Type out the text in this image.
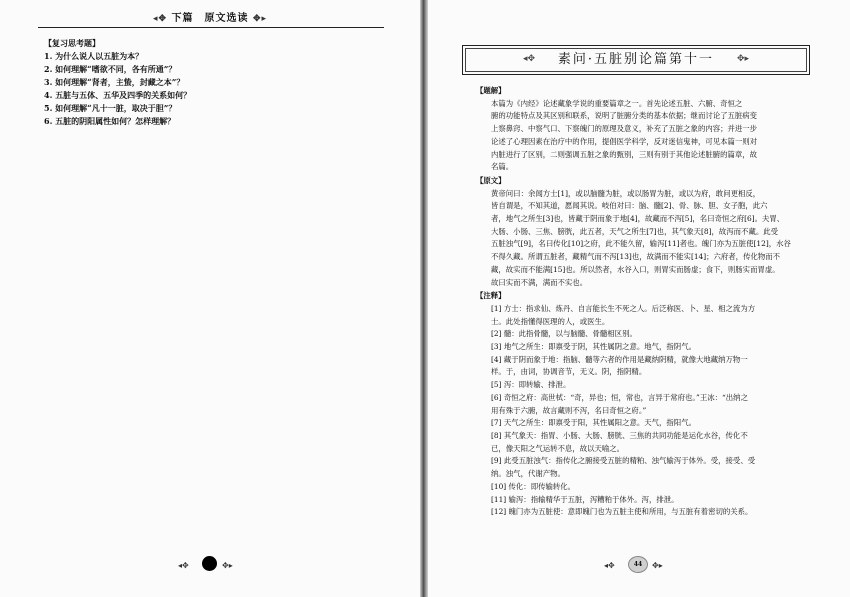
◂✥ 下篇　原文选读 ✥▸
【复习思考题】
1. 为什么说人以五脏为本？
2. 如何理解“嗜欲不同，各有所通”？
3. 如何理解“肾者，主蛰，封藏之本”？
4. 五脏与五体、五华及四季的关系如何？
5. 如何理解“凡十一脏，取决于胆”？
6. 五脏的阴阳属性如何？怎样理解？
◂✥	✥▸
◂✥	素问·五脏别论篇第十一	✥▸
【题解】

本篇为《内经》论述藏象学说的重要篇章之一。首先论述五脏、六腑、奇恒之

腑的功能特点及其区别和联系，说明了脏腑分类的基本依据；继而讨论了五脏病变

上察鼻窍、中察气口、下察魄门的原理及意义，补充了五脏之象的内容；并进一步

论述了心理因素在治疗中的作用，提倡医学科学，反对迷信鬼神，可见本篇一则对

内脏进行了区别，二则强调五脏之象的甄别，三则有别于其他论述脏腑的篇章，故

名篇。

【原文】

黄帝问曰：余闻方士[1]，或以脑髓为脏，或以肠胃为脏，或以为府，敢问更相反，

皆自谓是，不知其道，愿闻其说。岐伯对曰：脑、髓[2]、骨、脉、胆、女子胞，此六

者，地气之所生[3]也，皆藏于阴而象于地[4]，故藏而不泻[5]，名曰奇恒之府[6]。夫胃、

大肠、小肠、三焦、膀胱，此五者，天气之所生[7]也，其气象天[8]，故泻而不藏。此受

五脏浊气[9]，名曰传化[10]之府，此不能久留，输泻[11]者也。魄门亦为五脏使[12]，水谷

不得久藏。所谓五脏者，藏精气而不泻[13]也，故满而不能实[14]；六府者，传化物而不

藏，故实而不能满[15]也。所以然者，水谷入口，则胃实而肠虚；食下，则肠实而胃虚。

故曰实而不满，满而不实也。

【注释】

[1] 方士：指求仙、炼丹、自言能长生不死之人。后泛称医、卜、星、相之流为方

士。此处指懂得医理的人，或医生。

[2] 髓：此指骨髓，以与脑髓、骨髓相区别。

[3] 地气之所生：即禀受于阴，其性属阴之意。地气，指阴气。

[4] 藏于阴而象于地：指脑、髓等六者的作用是藏纳阴精，就像大地藏纳万物一

样。于，由词，协调音节，无义。阴，指阴精。

[5] 泻：即转输、排泄。

[6] 奇恒之府：高世栻：“奇，异也；恒，常也，言异于常府也。”王冰：“出纳之

用有殊于六腑，故言藏则不泻，名曰奇恒之府。”

[7] 天气之所生：即禀受于阳，其性属阳之意。天气，指阳气。

[8] 其气象天：指胃、小肠、大肠、膀胱、三焦的共同功能是运化水谷，传化不

已，像天阳之气运转不息，故以天喻之。

[9] 此受五脏浊气：指传化之腑接受五脏的精粕、浊气输泻于体外。受，接受、受

纳。浊气，代谢产物。

[10] 传化：即传输转化。

[11] 输泻：指输精华于五脏，泻糟粕于体外。泻，排泄。

[12] 魄门亦为五脏使：意即魄门也为五脏主使和所用，与五脏有着密切的关系。

◂✥	44	✥▸
